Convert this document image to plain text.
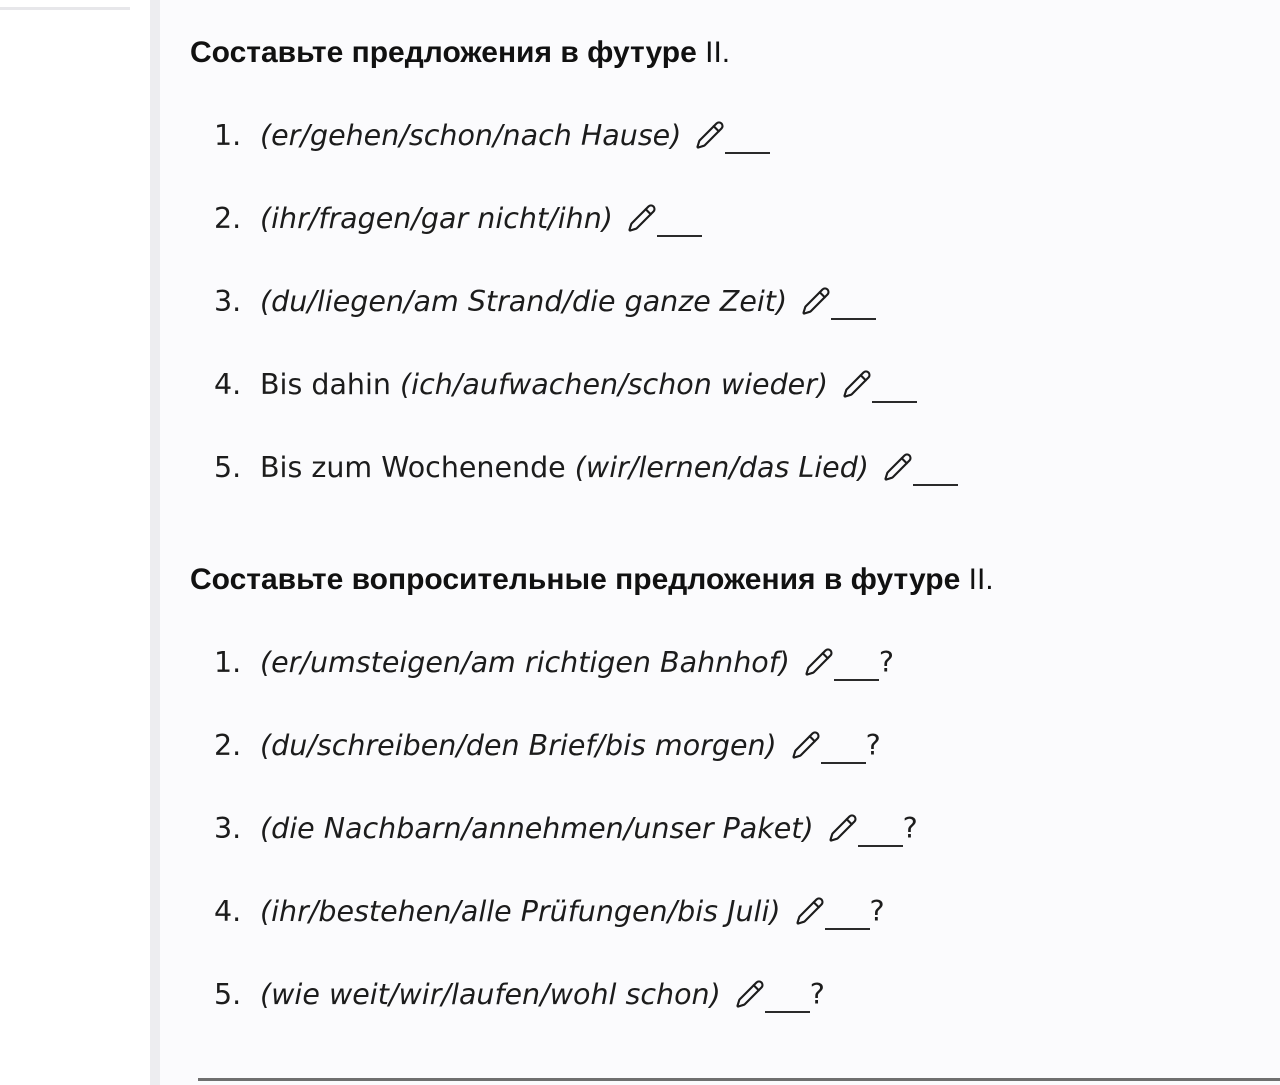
Составьте предложения в футуре II.
1. (er/gehen/schon/nach Hause)
2. (ihr/fragen/gar nicht/ihn)
3. (du/liegen/am Strand/die ganze Zeit)
4. Bis dahin (ich/aufwachen/schon wieder)
5. Bis zum Wochenende (wir/lernen/das Lied)
Составьте вопросительные предложения в футуре II.
1. (er/umsteigen/am richtigen Bahnhof)	?
2. (du/schreiben/den Brief/bis morgen)	?
3. (die Nachbarn/annehmen/unser Paket)	?
4. (ihr/bestehen/alle Prüfungen/bis Juli)	?
5. (wie weit/wir/laufen/wohl schon)	?
